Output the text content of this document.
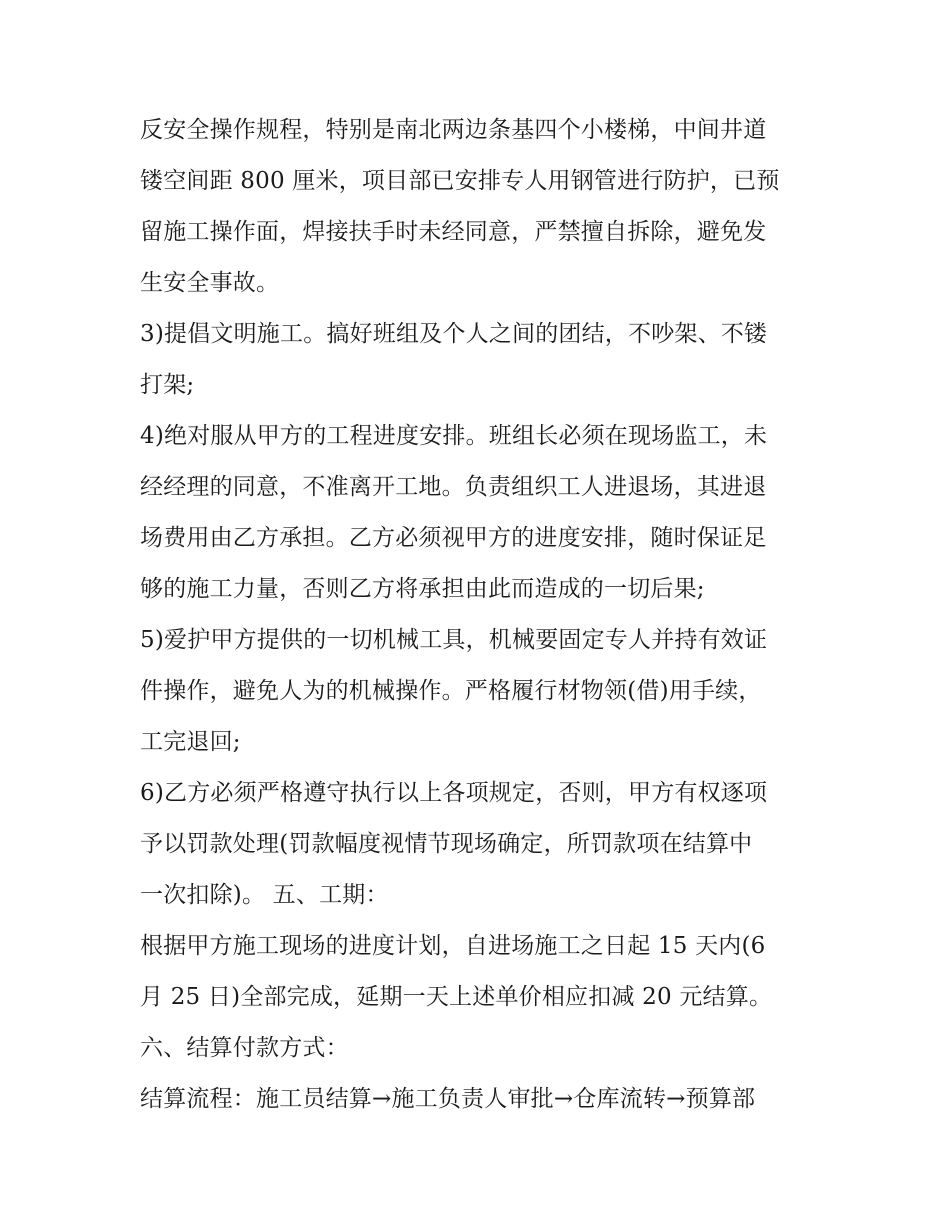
反安全操作规程，特别是南北两边条基四个小楼梯，中间井道
镂空间距 800 厘米，项目部已安排专人用钢管进行防护，已预
留施工操作面，焊接扶手时未经同意，严禁擅自拆除，避免发
生安全事故。
3)提倡文明施工。搞好班组及个人之间的团结，不吵架、不镂
打架;
4)绝对服从甲方的工程进度安排。班组长必须在现场监工，未
经经理的同意，不准离开工地。负责组织工人进退场，其进退
场费用由乙方承担。乙方必须视甲方的进度安排，随时保证足
够的施工力量，否则乙方将承担由此而造成的一切后果;
5)爱护甲方提供的一切机械工具，机械要固定专人并持有效证
件操作，避免人为的机械操作。严格履行材物领(借)用手续，
工完退回;
6)乙方必须严格遵守执行以上各项规定，否则，甲方有权逐项
予以罚款处理(罚款幅度视情节现场确定，所罚款项在结算中
一次扣除)。 五、工期：
根据甲方施工现场的进度计划，自进场施工之日起 15 天内(6
月 25 日)全部完成，延期一天上述单价相应扣减 20 元结算。
六、结算付款方式：
结算流程：施工员结算→施工负责人审批→仓库流转→预算部
